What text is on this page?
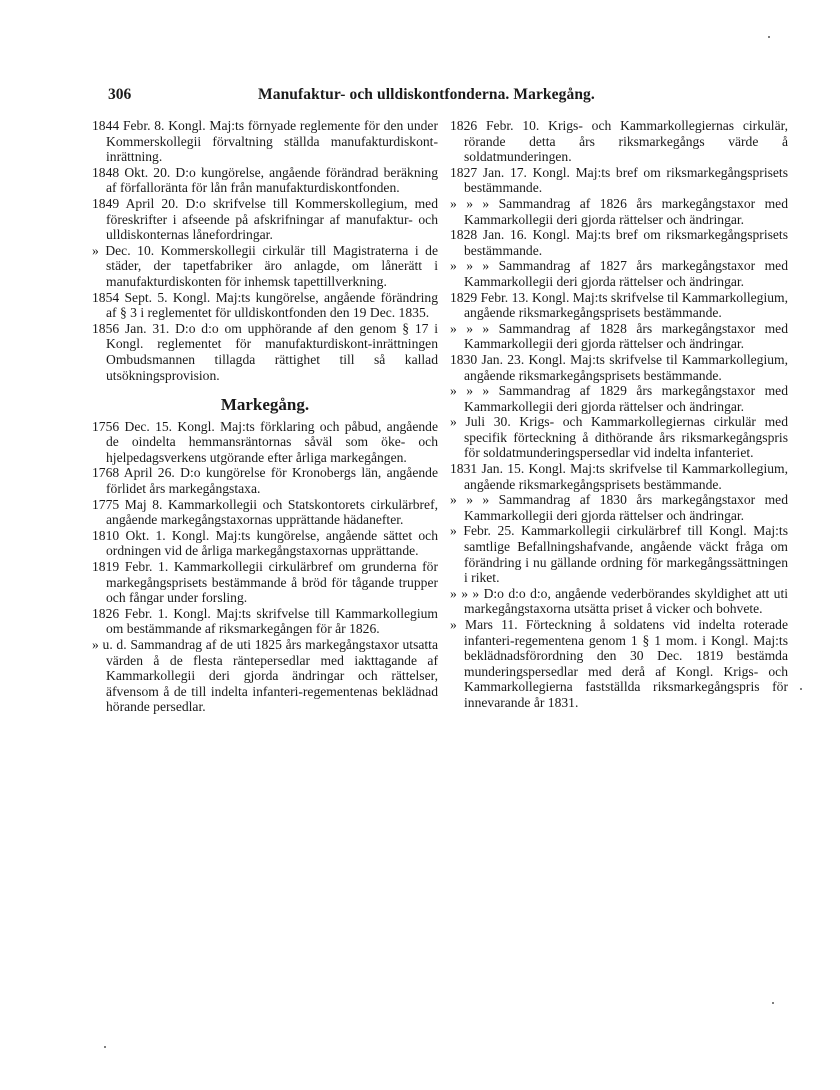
306	Manufaktur- och ulldiskontfonderna. Markegång.

1844 Febr. 8. Kongl. Maj:ts förnyade reglemente för den under Kommerskollegii förvaltning ställda manufakturdiskont-inrättning.

1848 Okt. 20. D:o kungörelse, angående förändrad beräkning af förfalloränta för lån från manufakturdiskontfonden.

1849 April 20. D:o skrifvelse till Kommerskollegium, med föreskrifter i afseende på afskrifningar af manufaktur- och ulldiskonternas lånefordringar.

» Dec. 10. Kommerskollegii cirkulär till Magistraterna i de städer, der tapetfabriker äro anlagde, om lånerätt i manufakturdiskonten för inhemsk tapettillverkning.

1854 Sept. 5. Kongl. Maj:ts kungörelse, angående förändring af § 3 i reglementet för ulldiskontfonden den 19 Dec. 1835.

1856 Jan. 31. D:o d:o om upphörande af den genom § 17 i Kongl. reglementet för manufakturdiskont-inrättningen Ombudsmannen tillagda rättighet till så kallad utsökningsprovision.

Markegång.

1756 Dec. 15. Kongl. Maj:ts förklaring och påbud, angående de oindelta hemmansräntornas såväl som öke- och hjelpedagsverkens utgörande efter årliga markegången.

1768 April 26. D:o kungörelse för Kronobergs län, angående förlidet års markegångstaxa.

1775 Maj 8. Kammarkollegii och Statskontorets cirkulärbref, angående markegångstaxornas upprättande hädanefter.

1810 Okt. 1. Kongl. Maj:ts kungörelse, angående sättet och ordningen vid de årliga markegångstaxornas upprättande.

1819 Febr. 1. Kammarkollegii cirkulärbref om grunderna för markegångsprisets bestämmande å bröd för tågande trupper och fångar under forsling.

1826 Febr. 1. Kongl. Maj:ts skrifvelse till Kammarkollegium om bestämmande af riksmarkegången för år 1826.

» u. d. Sammandrag af de uti 1825 års markegångstaxor utsatta värden å de flesta räntepersedlar med iakttagande af Kammarkollegii deri gjorda ändringar och rättelser, äfvensom å de till indelta infanteri-regementenas beklädnad hörande persedlar.

1826 Febr. 10. Krigs- och Kammarkollegiernas cirkulär, rörande detta års riksmarkegångs värde å soldatmunderingen.

1827 Jan. 17. Kongl. Maj:ts bref om riksmarkegångsprisets bestämmande.

» » » Sammandrag af 1826 års markegångstaxor med Kammarkollegii deri gjorda rättelser och ändringar.

1828 Jan. 16. Kongl. Maj:ts bref om riksmarkegångsprisets bestämmande.

» » » Sammandrag af 1827 års markegångstaxor med Kammarkollegii deri gjorda rättelser och ändringar.

1829 Febr. 13. Kongl. Maj:ts skrifvelse til Kammarkollegium, angående riksmarkegångsprisets bestämmande.

» » » Sammandrag af 1828 års markegångstaxor med Kammarkollegii deri gjorda rättelser och ändringar.

1830 Jan. 23. Kongl. Maj:ts skrifvelse til Kammarkollegium, angående riksmarkegångsprisets bestämmande.

» » » Sammandrag af 1829 års markegångstaxor med Kammarkollegii deri gjorda rättelser och ändringar.

» Juli 30. Krigs- och Kammarkollegiernas cirkulär med specifik förteckning å dithörande års riksmarkegångspris för soldatmunderingspersedlar vid indelta infanteriet.

1831 Jan. 15. Kongl. Maj:ts skrifvelse til Kammarkollegium, angående riksmarkegångsprisets bestämmande.

» » » Sammandrag af 1830 års markegångstaxor med Kammarkollegii deri gjorda rättelser och ändringar.

» Febr. 25. Kammarkollegii cirkulärbref till Kongl. Maj:ts samtlige Befallningshafvande, angående väckt fråga om förändring i nu gällande ordning för markegångssättningen i riket.

» » » D:o d:o d:o, angående vederbörandes skyldighet att uti markegångstaxorna utsätta priset å vicker och bohvete.

» Mars 11. Förteckning å soldatens vid indelta roterade infanteri-regementena genom 1 § 1 mom. i Kongl. Maj:ts beklädnadsförordning den 30 Dec. 1819 bestämda munderingspersedlar med derå af Kongl. Krigs- och Kammarkollegierna fastställda riksmarkegångspris för innevarande år 1831.
